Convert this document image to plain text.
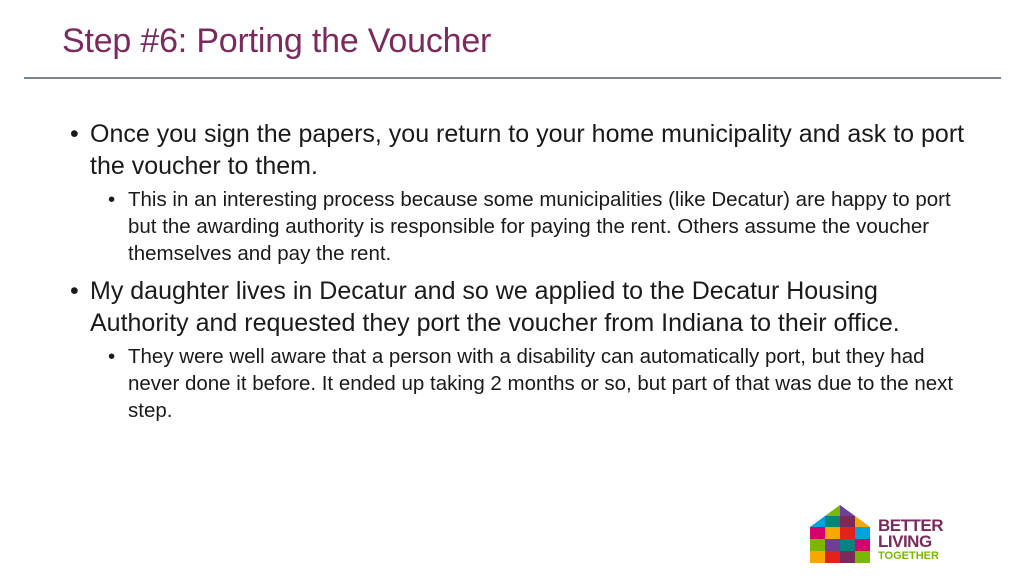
Step #6: Porting the Voucher
• Once you sign the papers, you return to your home municipality and ask to port the voucher to them.
• This in an interesting process because some municipalities (like Decatur) are happy to port but the awarding authority is responsible for paying the rent. Others assume the voucher themselves and pay the rent.
• My daughter lives in Decatur and so we applied to the Decatur Housing Authority and requested they port the voucher from Indiana to their office.
• They were well aware that a person with a disability can automatically port, but they had never done it before. It ended up taking 2 months or so, but part of that was due to the next step.
BETTER
LIVING
TOGETHER
